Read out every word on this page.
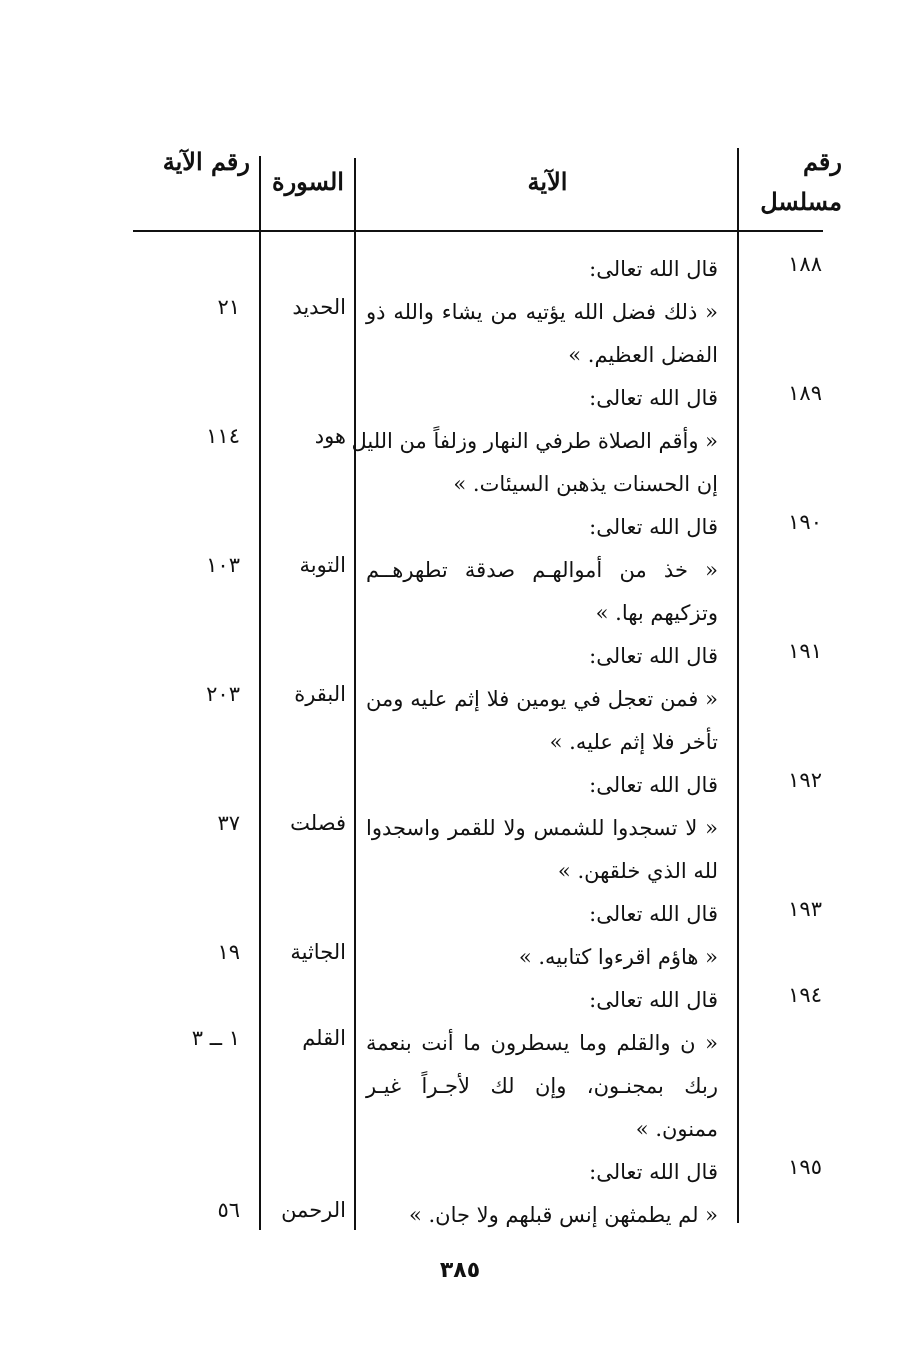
رقم مسلسل
الآية
السورة
رقم الآية
١٨٨
قال الله تعالى:
« ذلك فضل الله يؤتيه من يشاء والله ذو
الفضل العظيم. »
الحديد
٢١
١٨٩
قال الله تعالى:
« وأقم الصلاة طرفي النهار وزلفاً من الليل
إن الحسنات يذهبن السيئات. »
هود
١١٤
١٩٠
قال الله تعالى:
« خذ من أموالهـم صدقة تطهرهــم
وتزكيهم بها. »
التوبة
١٠٣
١٩١
قال الله تعالى:
« فمن تعجل في يومين فلا إثم عليه ومن
تأخر فلا إثم عليه. »
البقرة
٢٠٣
١٩٢
قال الله تعالى:
« لا تسجدوا للشمس ولا للقمر واسجدوا
لله الذي خلقهن. »
فصلت
٣٧
١٩٣
قال الله تعالى:
« هاؤم اقرءوا كتابيه. »
الجاثية
١٩
١٩٤
قال الله تعالى:
« ن والقلم وما يسطرون ما أنت بنعمة
ربك بمجنـون، وإن لك لأجـراً غيـر
ممنون. »
القلم
١ ــ ٣
١٩٥
قال الله تعالى:
« لم يطمثهن إنس قبلهم ولا جان. »
الرحمن
٥٦
٣٨٥
